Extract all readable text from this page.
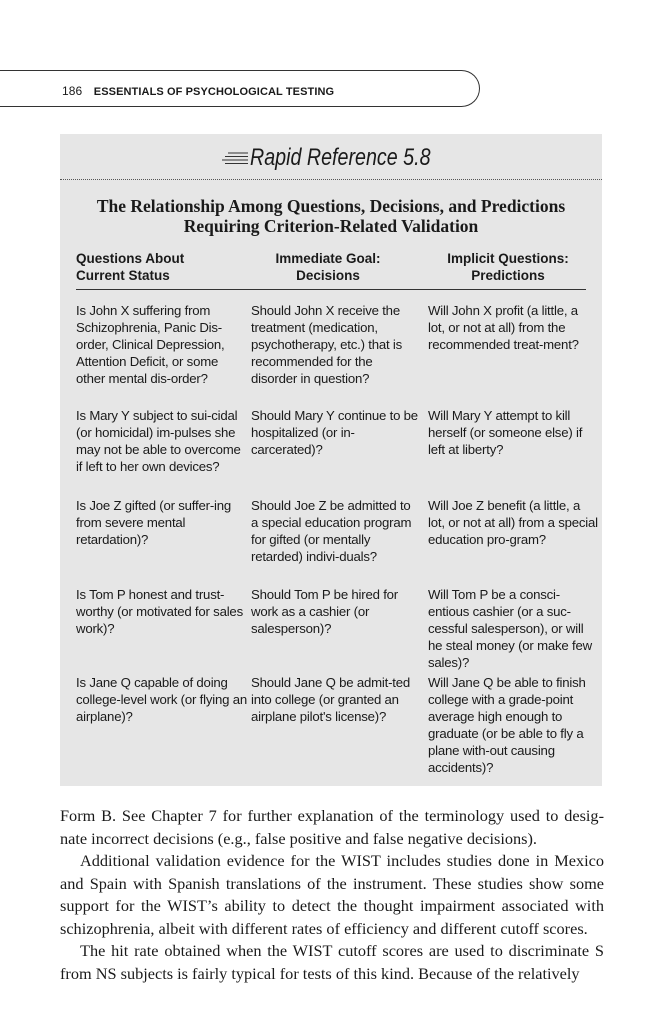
186 ESSENTIALS OF PSYCHOLOGICAL TESTING
Rapid Reference 5.8
The Relationship Among Questions, Decisions, and Predictions Requiring Criterion-Related Validation
Questions About Current Status
Immediate Goal: Decisions
Implicit Questions: Predictions
Is John X suffering from Schizophrenia, Panic Dis-order, Clinical Depression, Attention Deficit, or some other mental dis-order?
Should John X receive the treatment (medication, psychotherapy, etc.) that is recommended for the disorder in question?
Will John X profit (a little, a lot, or not at all) from the recommended treat-ment?
Is Mary Y subject to sui-cidal (or homicidal) im-pulses she may not be able to overcome if left to her own devices?
Should Mary Y continue to be hospitalized (or in-carcerated)?
Will Mary Y attempt to kill herself (or someone else) if left at liberty?
Is Joe Z gifted (or suffer-ing from severe mental retardation)?
Should Joe Z be admitted to a special education program for gifted (or mentally retarded) indivi-duals?
Will Joe Z benefit (a little, a lot, or not at all) from a special education pro-gram?
Is Tom P honest and trust-worthy (or motivated for sales work)?
Should Tom P be hired for work as a cashier (or salesperson)?
Will Tom P be a consci-entious cashier (or a suc-cessful salesperson), or will he steal money (or make few sales)?
Is Jane Q capable of doing college-level work (or flying an airplane)?
Should Jane Q be admit-ted into college (or granted an airplane pilot's license)?
Will Jane Q be able to finish college with a grade-point average high enough to graduate (or be able to fly a plane with-out causing accidents)?
Form B. See Chapter 7 for further explanation of the terminology used to desig-nate incorrect decisions (e.g., false positive and false negative decisions).
Additional validation evidence for the WIST includes studies done in Mexico and Spain with Spanish translations of the instrument. These studies show some support for the WIST’s ability to detect the thought impairment associated with schizophrenia, albeit with different rates of efficiency and different cutoff scores.
The hit rate obtained when the WIST cutoff scores are used to discriminate S from NS subjects is fairly typical for tests of this kind. Because of the relatively
